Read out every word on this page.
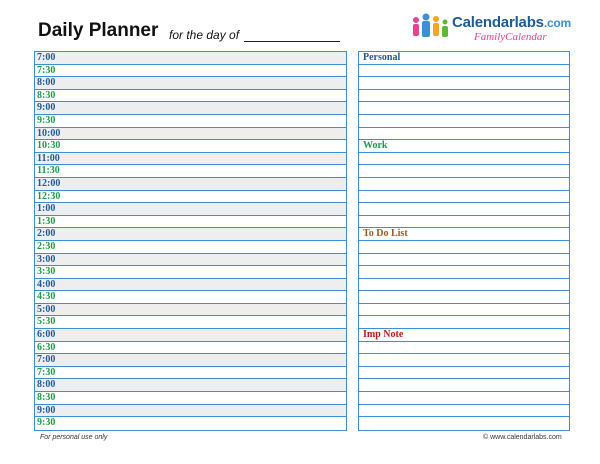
Daily Planner for the day of
Calendarlabs.com
FamilyCalendar
7:00
7:30
8:00
8:30
9:00
9:30
10:00
10:30
11:00
11:30
12:00
12:30
1:00
1:30
2:00
2:30
3:00
3:30
4:00
4:30
5:00
5:30
6:00
6:30
7:00
7:30
8:00
8:30
9:00
9:30
Personal
Work
To Do List
Imp Note
For personal use only	© www.calendarlabs.com
